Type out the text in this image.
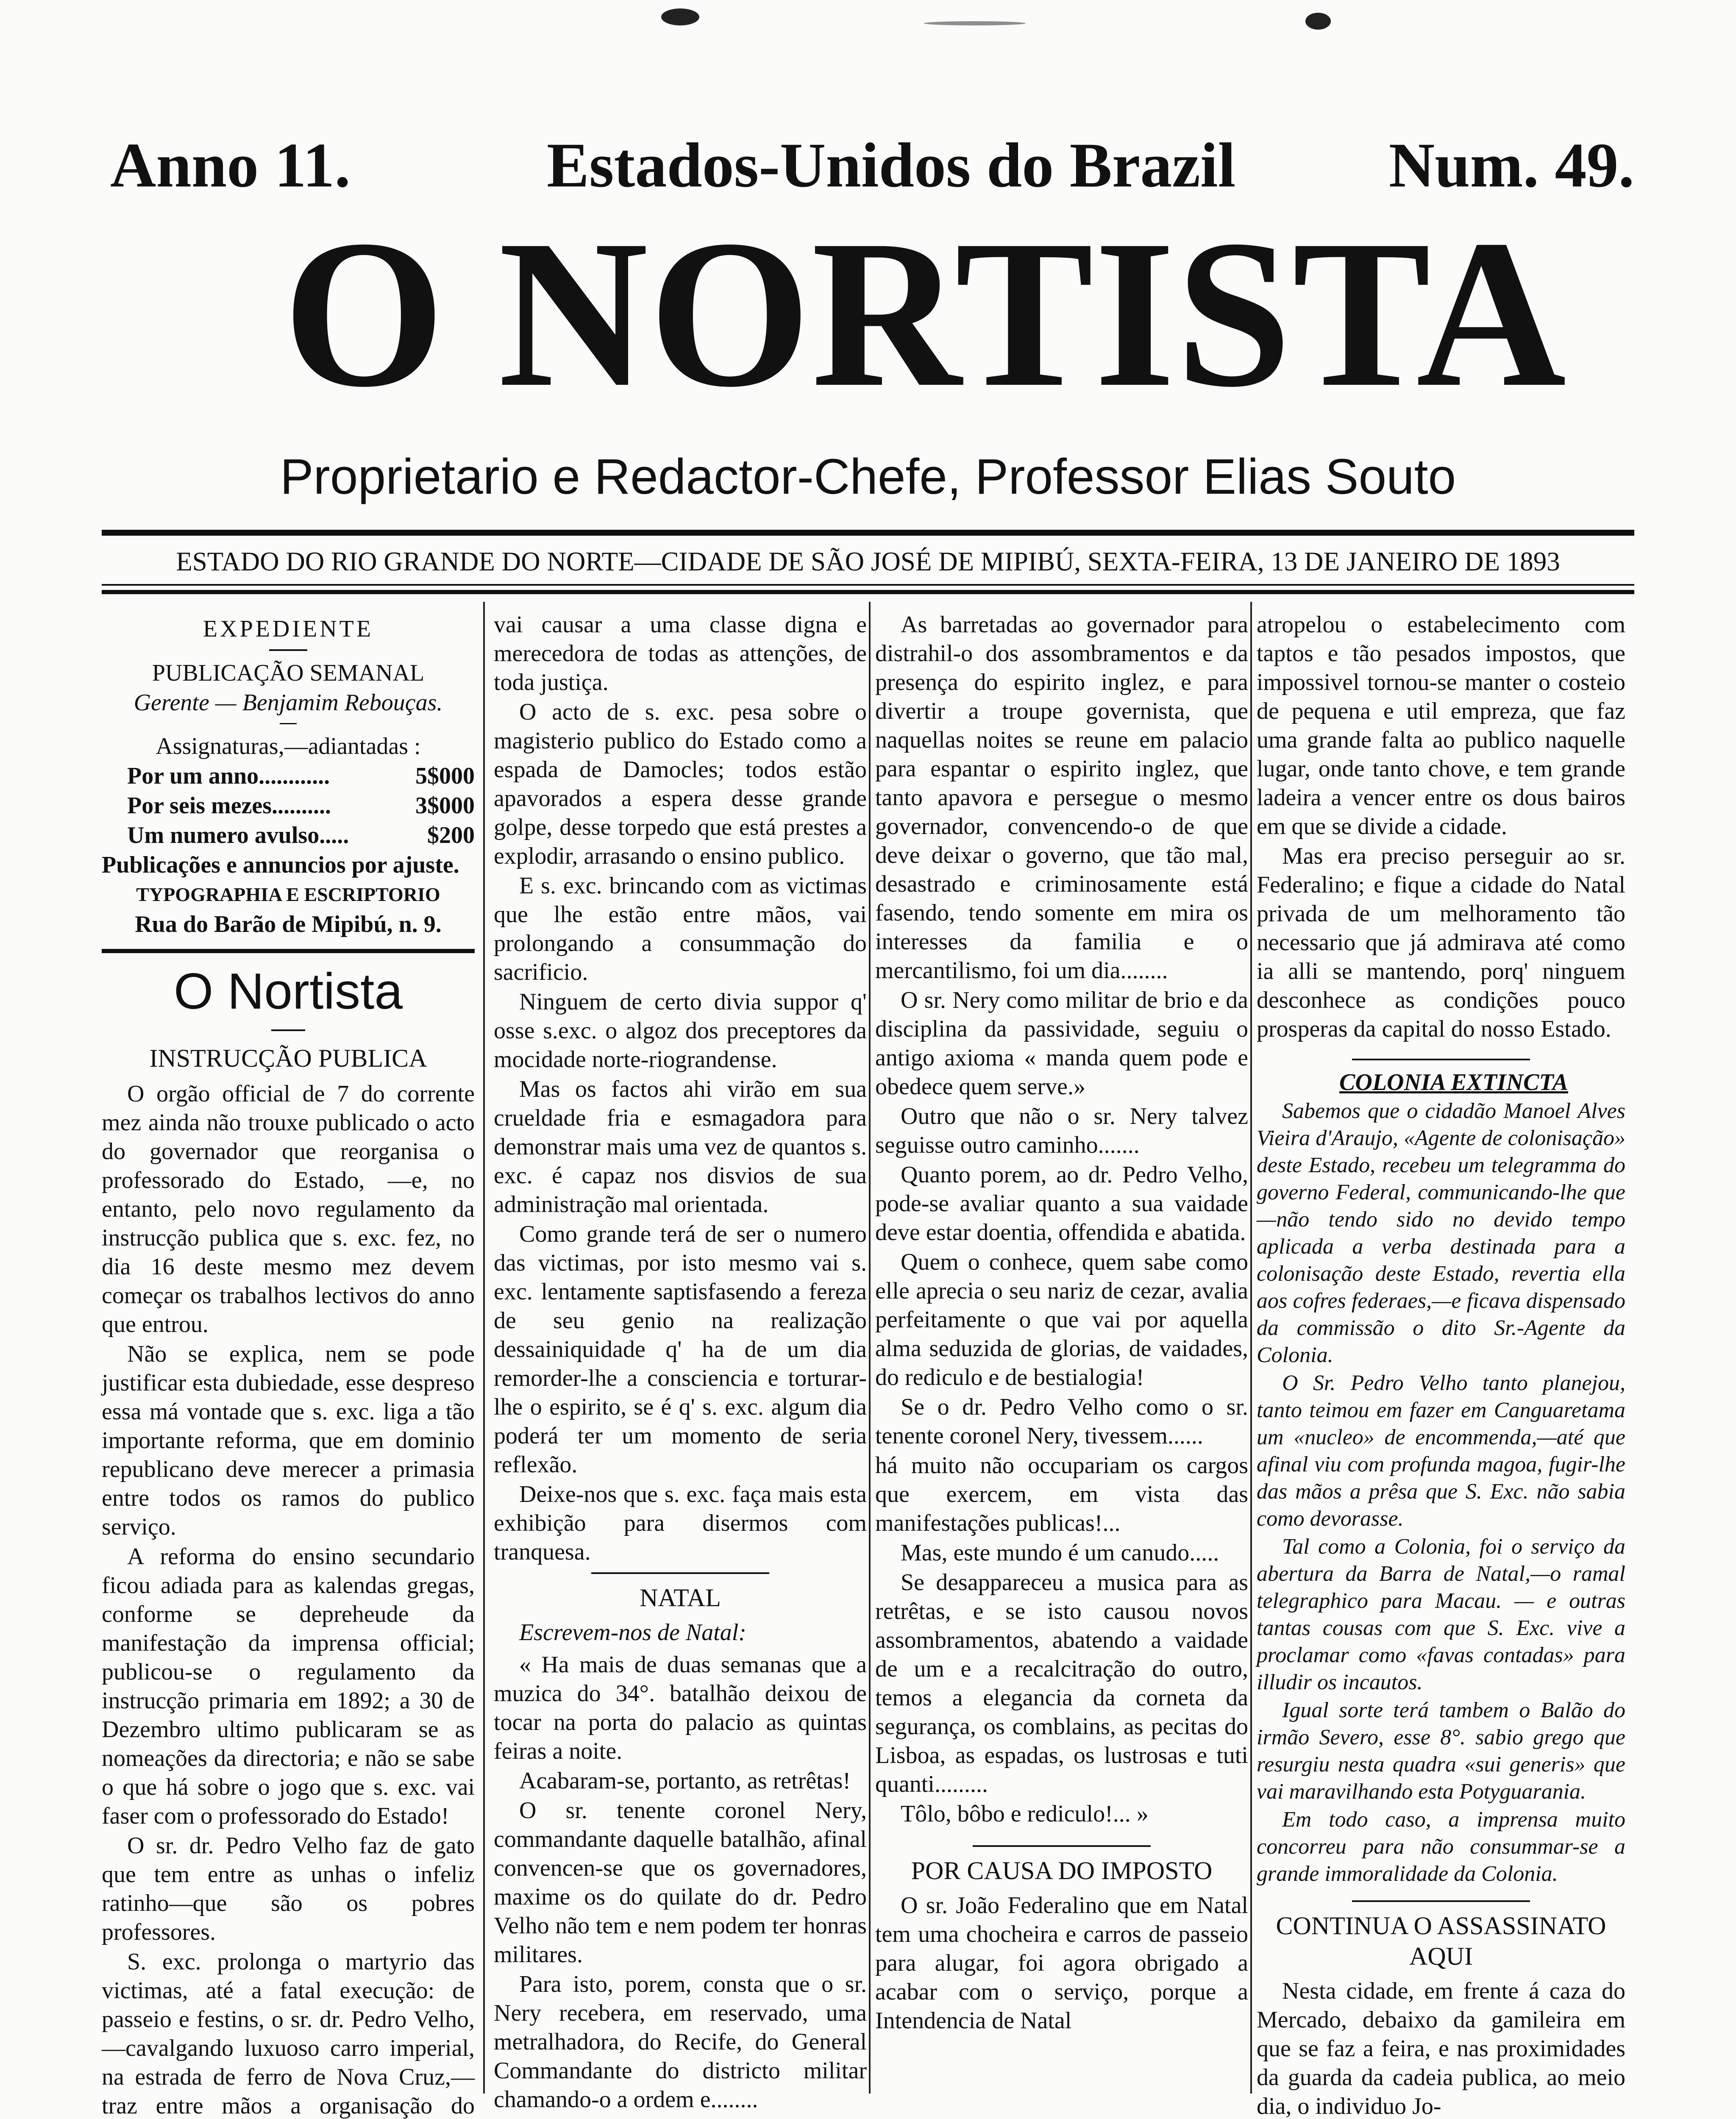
Anno 11.	Estados-Unidos do Brazil Num. 49.
O NORTISTA
Proprietario e Redactor-Chefe, Professor Elias Souto
ESTADO DO RIO GRANDE DO NORTE—CIDADE DE SÃO JOSÉ DE MIPIBÚ, SEXTA-FEIRA, 13 DE JANEIRO DE 1893
EXPEDIENTE

PUBLICAÇÃO SEMANAL

Gerente — Benjamim Rebouças.

Assignaturas,—adiantadas :

Por um anno............	5$000

Por seis mezes..........	3$000

Um numero avulso.....	$200

Publicações e annuncios por ajuste.

TYPOGRAPHIA E ESCRIPTORIO

Rua do Barão de Mipibú, n. 9.

O Nortista
INSTRUCÇÃO PUBLICA

O orgão official de 7 do corrente mez ainda não trouxe publicado o acto do governador que reorganisa o professorado do Estado, —e, no entanto, pelo novo regulamento da instrucção publica que s. exc. fez, no dia 16 deste mesmo mez devem começar os trabalhos lectivos do anno que entrou.

Não se explica, nem se pode justificar esta dubiedade, esse despreso essa má vontade que s. exc. liga a tão importante reforma, que em dominio republicano deve merecer a primasia entre todos os ramos do publico serviço.

A reforma do ensino secundario ficou adiada para as kalendas gregas, conforme se depreheude da manifestação da imprensa official; publicou-se o regulamento da instrucção primaria em 1892; a 30 de Dezembro ultimo publicaram se as nomeações da directoria; e não se sabe o que há sobre o jogo que s. exc. vai faser com o professorado do Estado!

O sr. dr. Pedro Velho faz de gato que tem entre as unhas o infeliz ratinho—que são os pobres professores.

S. exc. prolonga o martyrio das victimas, até a fatal execução: de passeio e festins, o sr. dr. Pedro Velho,—cavalgando luxuoso carro imperial, na estrada de ferro de Nova Cruz,—traz entre mãos a organisação do

vai causar a uma classe digna e merecedora de todas as attenções, de toda justiça.

O acto de s. exc. pesa sobre o magisterio publico do Estado como a espada de Damocles; todos estão apavorados a espera desse grande golpe, desse torpedo que está prestes a explodir, arrasando o ensino publico.

E s. exc. brincando com as victimas que lhe estão entre mãos, vai prolongando a consummação do sacrificio.

Ninguem de certo divia suppor q' osse s.exc. o algoz dos preceptores da mocidade norte-riograndense.

Mas os factos ahi virão em sua crueldade fria e esmagadora para demonstrar mais uma vez de quantos s. exc. é capaz nos disvios de sua administração mal orientada.

Como grande terá de ser o numero das victimas, por isto mesmo vai s. exc. lentamente saptisfasendo a fereza de seu genio na realização dessainiquidade q' ha de um dia remorder-lhe a consciencia e torturar-lhe o espirito, se é q' s. exc. algum dia poderá ter um momento de seria reflexão.

Deixe-nos que s. exc. faça mais esta exhibição para disermos com tranquesa.

NATAL

Escrevem-nos de Natal:

« Ha mais de duas semanas que a muzica do 34°. batalhão deixou de tocar na porta do palacio as quintas feiras a noite.

Acabaram-se, portanto, as retrêtas!

O sr. tenente coronel Nery, commandante daquelle batalhão, afinal convencen-se que os governadores, maxime os do quilate do dr. Pedro Velho não tem e nem podem ter honras militares.

Para isto, porem, consta que o sr. Nery recebera, em reservado, uma metralhadora, do Recife, do General Commandante do districto militar chamando-o a ordem e........

As barretadas ao governador para distrahil-o dos assombramentos e da presença do espirito inglez, e para divertir a troupe governista, que naquellas noites se reune em palacio para espantar o espirito inglez, que tanto apavora e persegue o mesmo governador, convencendo-o de que deve deixar o governo, que tão mal, desastrado e criminosamente está fasendo, tendo somente em mira os interesses da familia e o mercantilismo, foi um dia........

O sr. Nery como militar de brio e da disciplina da passividade, seguiu o antigo axioma « manda quem pode e obedece quem serve.»

Outro que não o sr. Nery talvez seguisse outro caminho.......

Quanto porem, ao dr. Pedro Velho, pode-se avaliar quanto a sua vaidade deve estar doentia, offendida e abatida.

Quem o conhece, quem sabe como elle aprecia o seu nariz de cezar, avalia perfeitamente o que vai por aquella alma seduzida de glorias, de vaidades, do rediculo e de bestialogia!

Se o dr. Pedro Velho como o sr. tenente coronel Nery, tivessem......

há muito não occupariam os cargos que exercem, em vista das manifestações publicas!...

Mas, este mundo é um canudo.....

Se desappareceu a musica para as retrêtas, e se isto causou novos assombramentos, abatendo a vaidade de um e a recalcitração do outro, temos a elegancia da corneta da segurança, os comblains, as pecitas do Lisboa, as espadas, os lustrosas e tuti quanti.........

Tôlo, bôbo e rediculo!... »

POR CAUSA DO IMPOSTO

O sr. João Federalino que em Natal tem uma chocheira e carros de passeio para alugar, foi agora obrigado a acabar com o serviço, porque a Intendencia de Natal

atropelou o estabelecimento com taptos e tão pesados impostos, que impossivel tornou-se manter o costeio de pequena e util empreza, que faz uma grande falta ao publico naquelle lugar, onde tanto chove, e tem grande ladeira a vencer entre os dous bairos em que se divide a cidade.

Mas era preciso perseguir ao sr. Federalino; e fique a cidade do Natal privada de um melhoramento tão necessario que já admirava até como ia alli se mantendo, porq' ninguem desconhece as condições pouco prosperas da capital do nosso Estado.

COLONIA EXTINCTA

Sabemos que o cidadão Manoel Alves Vieira d'Araujo, «Agente de colonisação» deste Estado, recebeu um telegramma do governo Federal, communicando-lhe que—não tendo sido no devido tempo aplicada a verba destinada para a colonisação deste Estado, revertia ella aos cofres federaes,—e ficava dispensado da commissão o dito Sr.-Agente da Colonia.

O Sr. Pedro Velho tanto planejou, tanto teimou em fazer em Canguaretama um «nucleo» de encommenda,—até que afinal viu com profunda magoa, fugir-lhe das mãos a prêsa que S. Exc. não sabia como devorasse.

Tal como a Colonia, foi o serviço da abertura da Barra de Natal,—o ramal telegraphico para Macau. — e outras tantas cousas com que S. Exc. vive a proclamar como «favas contadas» para illudir os incautos.

Igual sorte terá tambem o Balão do irmão Severo, esse 8°. sabio grego que resurgiu nesta quadra «sui generis» que vai maravilhando esta Potyguarania.

Em todo caso, a imprensa muito concorreu para não consummar-se a grande immoralidade da Colonia.

CONTINUA O ASSASSINATO AQUI

Nesta cidade, em frente á caza do Mercado, debaixo da gamileira em que se faz a feira, e nas proximidades da guarda da cadeia publica, ao meio dia, o individuo Jo-
